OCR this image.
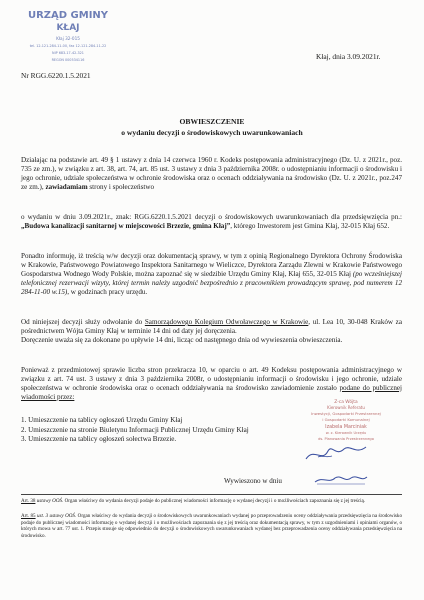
URZĄD GMINY
KŁAJ
Kłaj 32-015
tel. 12-121-284-11-00, fax 12-121-284-11-22
NIP 683-17-42-321
REGON 000534116
Nr RGG.6220.1.5.2021
Kłaj, dnia 3.09.2021r.
OBWIESZCZENIE
o wydaniu decyzji o środowiskowych uwarunkowaniach

Działając na podstawie art. 49 § 1 ustawy z dnia 14 czerwca 1960 r. Kodeks postępowania administracyjnego (Dz. U. z 2021r., poz. 735 ze zm.), w związku z art. 38, art. 74, art. 85 ust. 3 ustawy z dnia 3 października 2008r. o udostępnianiu informacji o środowisku i jego ochronie, udziale społeczeństwa w ochronie środowiska oraz o ocenach oddziaływania na środowisko (Dz. U. z 2021r., poz.247 ze zm.), zawiadamiam strony i społeczeństwo

o wydaniu w dniu 3.09.2021r., znak: RGG.6220.1.5.2021 decyzji o środowiskowych uwarunkowaniach dla przedsięwzięcia pn.: „Budowa kanalizacji sanitarnej w miejscowości Brzezie, gmina Kłaj”, którego Inwestorem jest Gmina Kłaj, 32-015 Kłaj 652.

Ponadto informuję, iż treścią w/w decyzji oraz dokumentacją sprawy, w tym z opinią Regionalnego Dyrektora Ochrony Środowiska w Krakowie, Państwowego Powiatowego Inspektora Sanitarnego w Wieliczce, Dyrektora Zarządu Zlewni w Krakowie Państwowego Gospodarstwa Wodnego Wody Polskie, można zapoznać się w siedzibie Urzędu Gminy Kłaj, Kłaj 655, 32-015 Kłaj (po wcześniejszej telefonicznej rezerwacji wizyty, której termin należy uzgodnić bezpośrednio z pracownikiem prowadzącym sprawę, pod numerem 12 284-11-00 w.15), w godzinach pracy urzędu.

Od niniejszej decyzji służy odwołanie do Samorządowego Kolegium Odwoławczego w Krakowie, ul. Lea 10, 30-048 Kraków za pośrednictwem Wójta Gminy Kłaj w terminie 14 dni od daty jej doręczenia.

Doręczenie uważa się za dokonane po upływie 14 dni, licząc od następnego dnia od wywieszenia obwieszczenia.

Ponieważ z przedmiotowej sprawie liczba stron przekracza 10, w oparciu o art. 49 Kodeksu postępowania administracyjnego w związku z art. 74 ust. 3 ustawy z dnia 3 października 2008r, o udostępnianiu informacji o środowisku i jego ochronie, udziale społeczeństwa w ochronie środowiska oraz o ocenach oddziaływania na środowisko zawiadomienie zostało podane do publicznej wiadomości przez:

1. Umieszczenie na tablicy ogłoszeń Urzędu Gminy Kłaj
2. Umieszczenie na stronie Biuletynu Informacji Publicznej Urzędu Gminy Kłaj
3. Umieszczenie na tablicy ogłoszeń sołectwa Brzezie.
Z-ca Wójta
Kierownik Referatu
Inwestycji, Gospodarki Przestrzennej
i Gospodarki Komunalnej
Izabela Marciniak
w. z. Kierownik Urzędu
ds. Planowania Przestrzennego
Wywieszono w dniu

Art. 38 ustawy OOŚ. Organ właściwy do wydania decyzji podaje do publicznej wiadomości informację o wydanej decyzji i o możliwościach zapoznania się z jej treścią.

Art. 85 ust. 3 ustawy OOŚ. Organ właściwy do wydania decyzji o środowiskowych uwarunkowaniach wydanej po przeprowadzeniu oceny oddziaływania przedsięwzięcia na środowisko podaje do publicznej wiadomości informację o wydanej decyzji i o możliwościach zapoznania się z jej treścią oraz dokumentacją sprawy, w tym z uzgodnieniami i opiniami organów, o których mowa w art. 77 ust. 1. Przepis stosuje się odpowiednio do decyzji o środowiskowych uwarunkowaniach wydanej bez przeprowadzenia oceny oddziaływania przedsięwzięcia na środowisko.
